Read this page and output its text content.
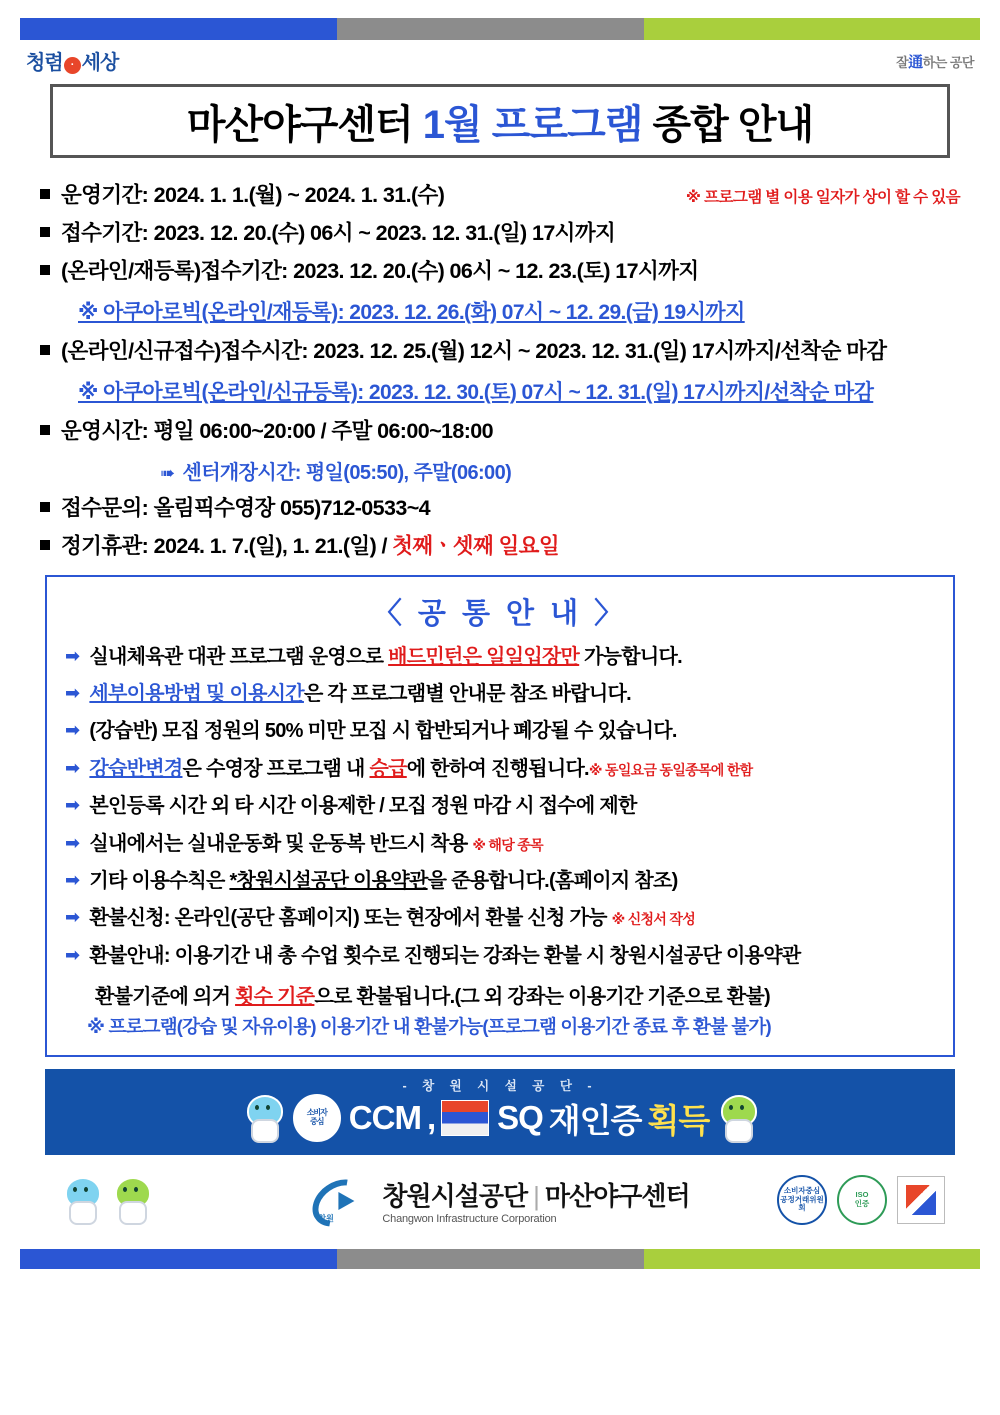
청렴 · 세상	잘通하는 공단
마산야구센터 1월 프로그램 종합 안내
운영기간: 2024. 1. 1.(월) ~ 2024. 1. 31.(수)	※ 프로그램 별 이용 일자가 상이 할 수 있음
접수기간: 2023. 12. 20.(수) 06시 ~ 2023. 12. 31.(일) 17시까지
(온라인/재등록)접수기간: 2023. 12. 20.(수) 06시 ~ 12. 23.(토) 17시까지
※ 아쿠아로빅(온라인/재등록): 2023. 12. 26.(화) 07시 ~ 12. 29.(금) 19시까지
(온라인/신규접수)접수시간: 2023. 12. 25.(월) 12시 ~ 2023. 12. 31.(일) 17시까지/선착순 마감
※ 아쿠아로빅(온라인/신규등록): 2023. 12. 30.(토) 07시 ~ 12. 31.(일) 17시까지/선착순 마감
운영시간: 평일 06:00~20:00 / 주말 06:00~18:00
➠ 센터개장시간: 평일(05:50), 주말(06:00)
접수문의: 올림픽수영장 055)712-0533~4
정기휴관: 2024. 1. 7.(일), 1. 21.(일) / 첫째ㆍ셋째 일요일
〈 공 통 안 내 〉
➡ 실내체육관 대관 프로그램 운영으로 배드민턴은 일일입장만 가능합니다.
➡ 세부이용방법 및 이용시간은 각 프로그램별 안내문 참조 바랍니다.
➡ (강습반) 모집 정원의 50% 미만 모집 시 합반되거나 폐강될 수 있습니다.
➡ 강습반변경은 수영장 프로그램 내 승급에 한하여 진행됩니다.※ 동일요금 동일종목에 한함
➡ 본인등록 시간 외 타 시간 이용제한 / 모집 정원 마감 시 접수에 제한
➡ 실내에서는 실내운동화 및 운동복 반드시 착용 ※ 해당 종목
➡ 기타 이용수칙은 *창원시설공단 이용약관을 준용합니다.(홈페이지 참조)
➡ 환불신청: 온라인(공단 홈페이지) 또는 현장에서 환불 신청 가능 ※ 신청서 작성
➡ 환불안내: 이용기간 내 총 수업 횟수로 진행되는 강좌는 환불 시 창원시설공단 이용약관
환불기준에 의거 횟수 기준으로 환불됩니다.(그 외 강좌는 이용기간 기준으로 환불)
※ 프로그램(강습 및 자유이용) 이용기간 내 환불가능(프로그램 이용기간 종료 후 환불 불가)
- 창 원 시 설 공 단 -
소비자
중심 CCM , SQ 재인증 획득
창원
창원시설공단 | 마산야구센터
Changwon Infrastructure Corporation
소비자중심
공정거래위원회
ISO
인증
